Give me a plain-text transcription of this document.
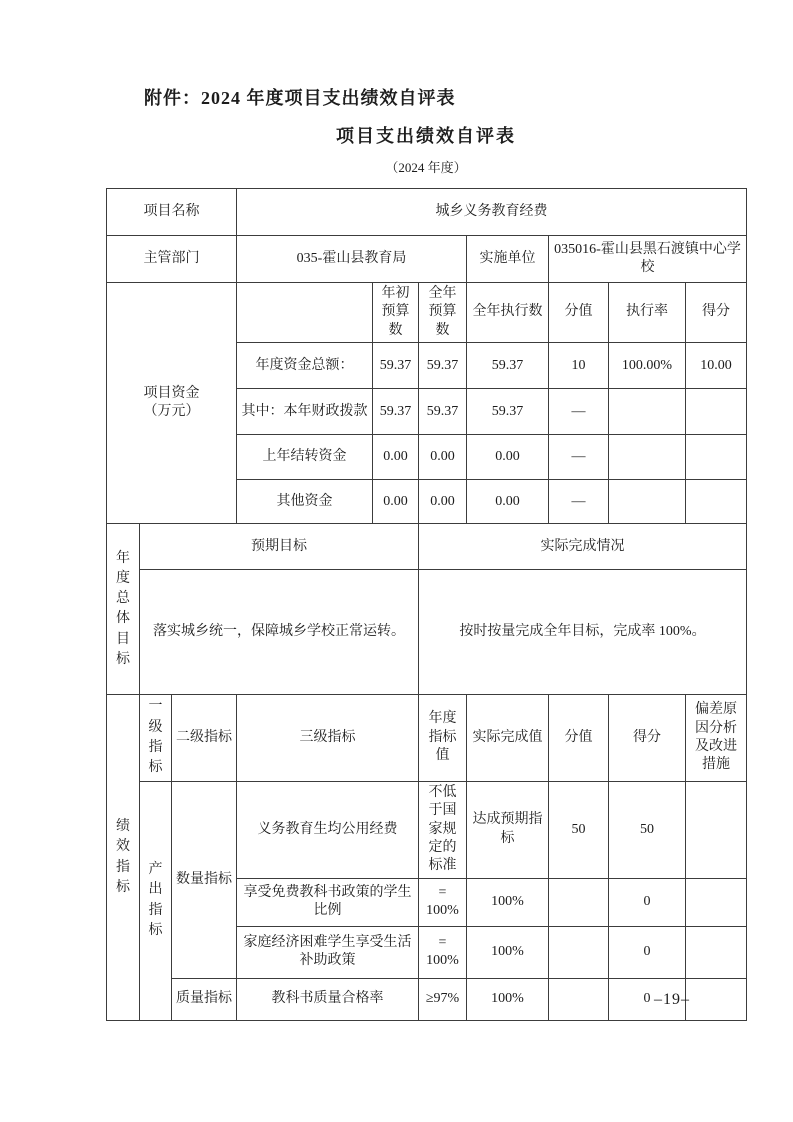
附件：2024 年度项目支出绩效自评表
项目支出绩效自评表
（2024 年度）
项目名称			城乡义务教育经费						
主管部门			035-霍山县教育局			实施单位	035016-霍山县黑石渡镇中心学校		

项目资金
（万元）				年初预算数	全年预算数	全年执行数	分值	执行率	得分
			年度资金总额：	59.37	59.37	59.37	10	100.00%	10.00
			其中：本年财政拨款	59.37	59.37	59.37	—		
			上年结转资金	0.00	0.00	0.00	—		
			其他资金	0.00	0.00	0.00	—		

年度总体目标	预期目标				实际完成情况				
	落实城乡统一，保障城乡学校正常运转。				按时按量完成全年目标，完成率 100%。				

绩效指标	一级指标	二级指标	三级指标		年度指标值	实际完成值	分值	得分	偏差原因分析及改进措施

	产出指标	数量指标	义务教育生均公用经费		不低于国家规定的标准	达成预期指标	50	50	
			享受免费教科书政策的学生比例		= 100%	100%		0	
			家庭经济困难学生享受生活补助政策		= 100%	100%		0	
		质量指标	教科书质量合格率		≥97%	100%		0	–19–
